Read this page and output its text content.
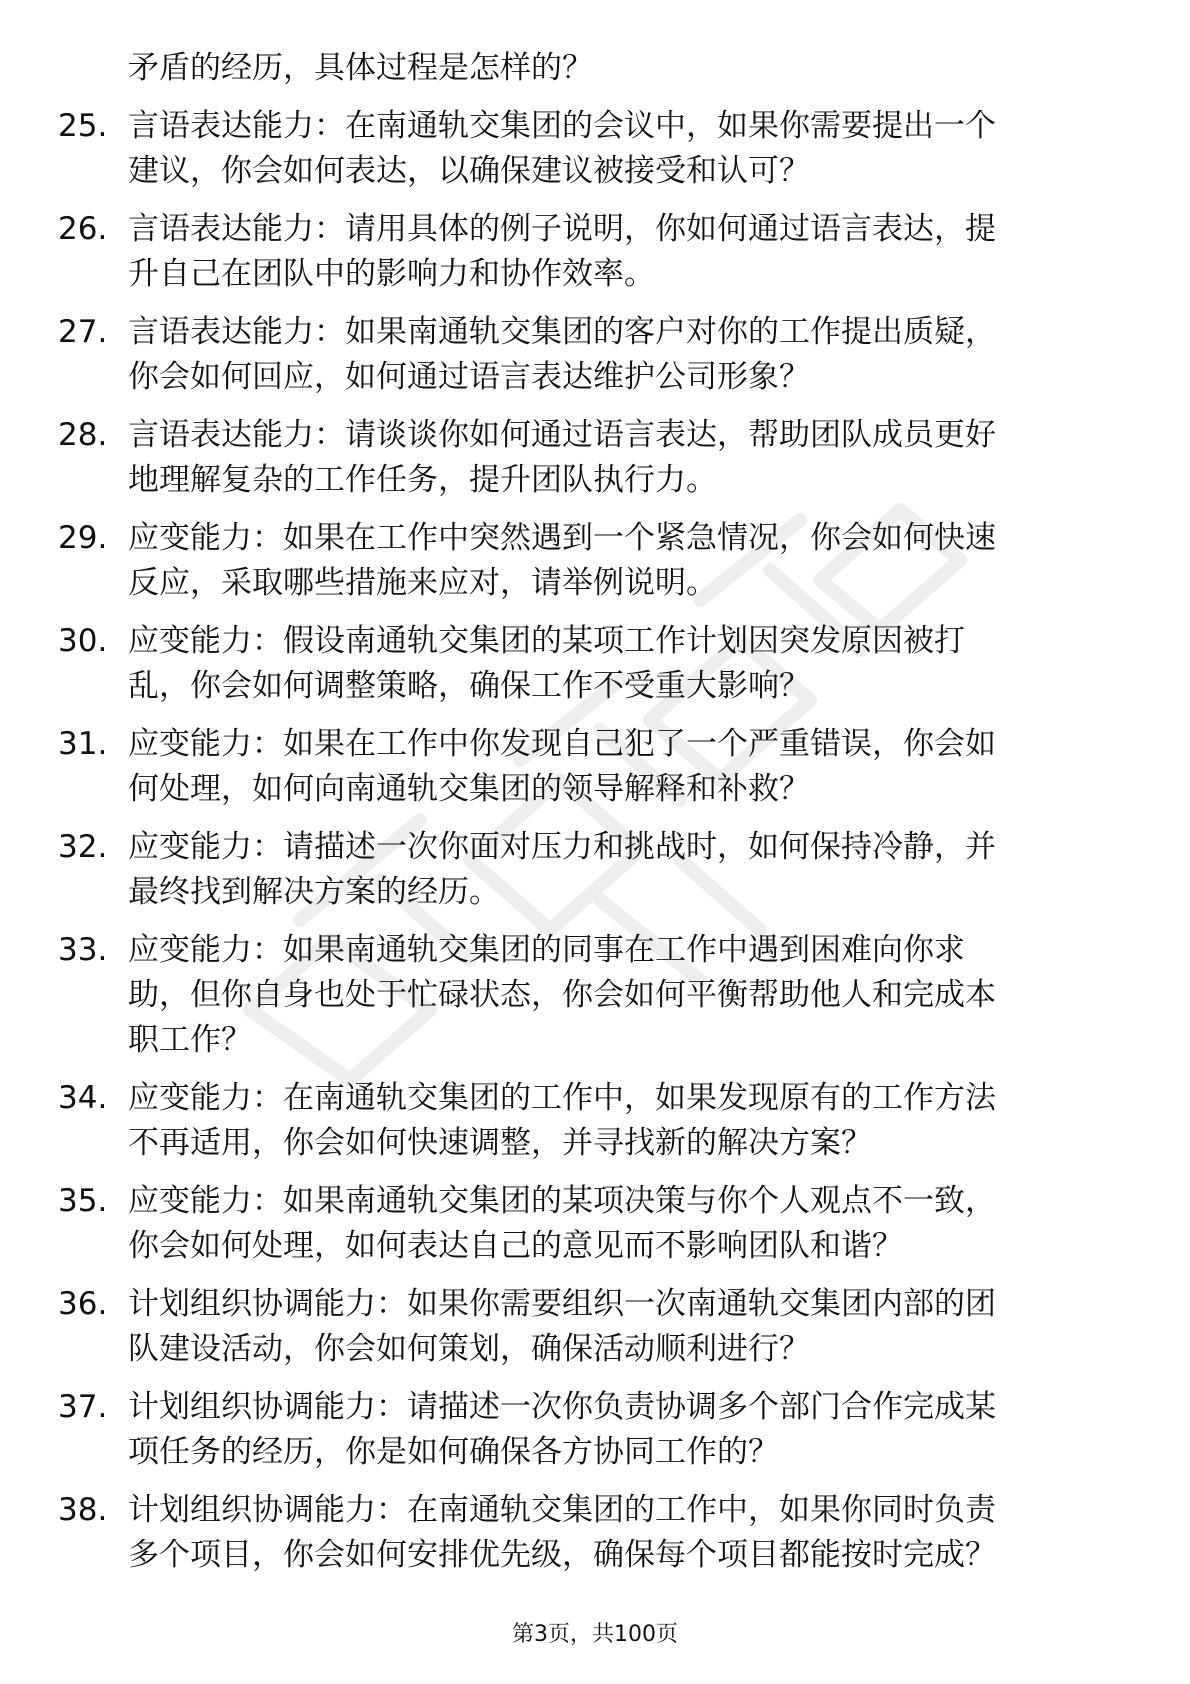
矛盾的经历，具体过程是怎样的？
25. 言语表达能力：在南通轨交集团的会议中，如果你需要提出一个
建议，你会如何表达，以确保建议被接受和认可？
26. 言语表达能力：请用具体的例子说明，你如何通过语言表达，提
升自己在团队中的影响力和协作效率。
27. 言语表达能力：如果南通轨交集团的客户对你的工作提出质疑，
你会如何回应，如何通过语言表达维护公司形象？
28. 言语表达能力：请谈谈你如何通过语言表达，帮助团队成员更好
地理解复杂的工作任务，提升团队执行力。
29. 应变能力：如果在工作中突然遇到一个紧急情况，你会如何快速
反应，采取哪些措施来应对，请举例说明。
30. 应变能力：假设南通轨交集团的某项工作计划因突发原因被打
乱，你会如何调整策略，确保工作不受重大影响？
31. 应变能力：如果在工作中你发现自己犯了一个严重错误，你会如
何处理，如何向南通轨交集团的领导解释和补救？
32. 应变能力：请描述一次你面对压力和挑战时，如何保持冷静，并
最终找到解决方案的经历。
33. 应变能力：如果南通轨交集团的同事在工作中遇到困难向你求
助，但你自身也处于忙碌状态，你会如何平衡帮助他人和完成本
职工作？
34. 应变能力：在南通轨交集团的工作中，如果发现原有的工作方法
不再适用，你会如何快速调整，并寻找新的解决方案？
35. 应变能力：如果南通轨交集团的某项决策与你个人观点不一致，
你会如何处理，如何表达自己的意见而不影响团队和谐？
36. 计划组织协调能力：如果你需要组织一次南通轨交集团内部的团
队建设活动，你会如何策划，确保活动顺利进行？
37. 计划组织协调能力：请描述一次你负责协调多个部门合作完成某
项任务的经历，你是如何确保各方协同工作的？
38. 计划组织协调能力：在南通轨交集团的工作中，如果你同时负责
多个项目，你会如何安排优先级，确保每个项目都能按时完成？
第3页，共100页
